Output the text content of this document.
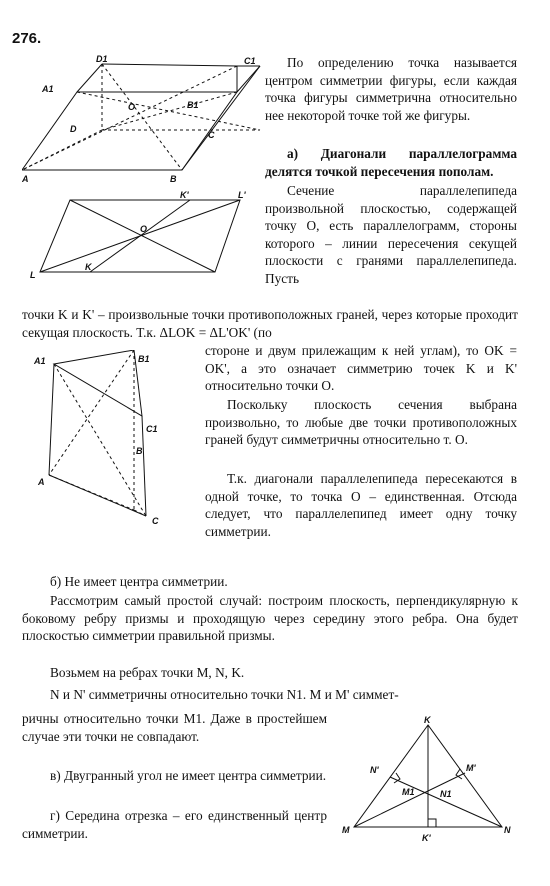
276.
D1	C1
A1
B1
O
D
C
A	B
K'	L'
O
L
K
B1
A1
C1
B
A
C
K
N'	M'
M1	N1
M	N
K'

По определению точка называется центром симметрии фигуры, если каждая точка фигуры симметрична относительно нее некоторой точке той же фигуры.

а) Диагонали параллелограмма делятся точкой пересечения пополам.

Сечение параллелепипеда произвольной плоскостью, содержащей точку O, есть параллелограмм, стороны которого – линии пересечения секущей плоскости с гранями параллелепипеда. Пусть

точки K и K' – произвольные точки противоположных граней, через которые проходит секущая плоскость. Т.к. ΔLOK = ΔL'OK' (по

стороне и двум прилежащим к ней углам), то OK = OK', а это означает симметрию точек K и K' относительно точки O.

Поскольку плоскость сечения выбрана произвольно, то любые две точки противоположных граней будут симметричны относительно т. O.

Т.к. диагонали параллелепипеда пересекаются в одной точке, то точка O – единственная. Отсюда следует, что параллелепипед имеет одну точку симметрии.

б) Не имеет центра симметрии.

Рассмотрим самый простой случай: построим плоскость, перпендикулярную к боковому ребру призмы и проходящую через середину этого ребра. Она будет плоскостью симметрии правильной призмы.

Возьмем на ребрах точки M, N, K.

N и N' симметричны относительно точки N1. M и M' симмет-

ричны относительно точки M1. Даже в простейшем случае эти точки не совпадают.

в) Двугранный угол не имеет центра симметрии.

г) Середина отрезка – его единственный центр симметрии.
